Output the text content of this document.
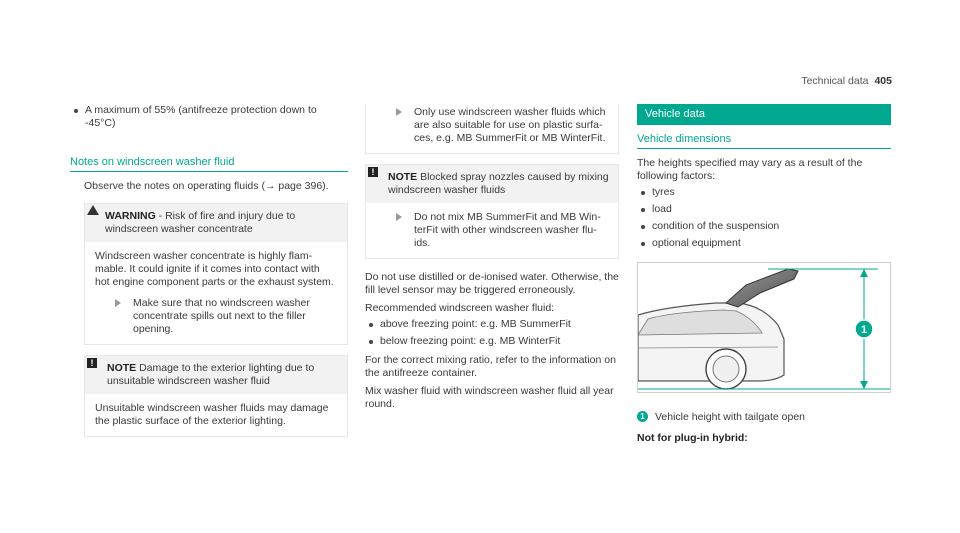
Technical data 405
A maximum of 55% (antifreeze protection down to -45°C)
Notes on windscreen washer fluid

Observe the notes on operating fluids (→ page 396).

WARNING - Risk of fire and injury due to windscreen washer concentrate
Windscreen washer concentrate is highly flammable. It could ignite if it comes into contact with hot engine component parts or the exhaust system.
Make sure that no windscreen washer concentrate spills out next to the filler opening.
!	NOTE Damage to the exterior lighting due to unsuitable windscreen washer fluid
Unsuitable windscreen washer fluids may damage the plastic surface of the exterior lighting.
Only use windscreen washer fluids which are also suitable for use on plastic surfaces, e.g. MB SummerFit or MB WinterFit.
!	NOTE Blocked spray nozzles caused by mixing windscreen washer fluids
Do not mix MB SummerFit and MB WinterFit with other windscreen washer fluids.

Do not use distilled or de-ionised water. Otherwise, the fill level sensor may be triggered erroneously.

Recommended windscreen washer fluid:

above freezing point: e.g. MB SummerFit
below freezing point: e.g. MB WinterFit

For the correct mixing ratio, refer to the information on the antifreeze container.

Mix washer fluid with windscreen washer fluid all year round.

Vehicle data
Vehicle dimensions

The heights specified may vary as a result of the following factors:

tyres
load
condition of the suspension
optional equipment
1
1 Vehicle height with tailgate open
Not for plug-in hybrid:
